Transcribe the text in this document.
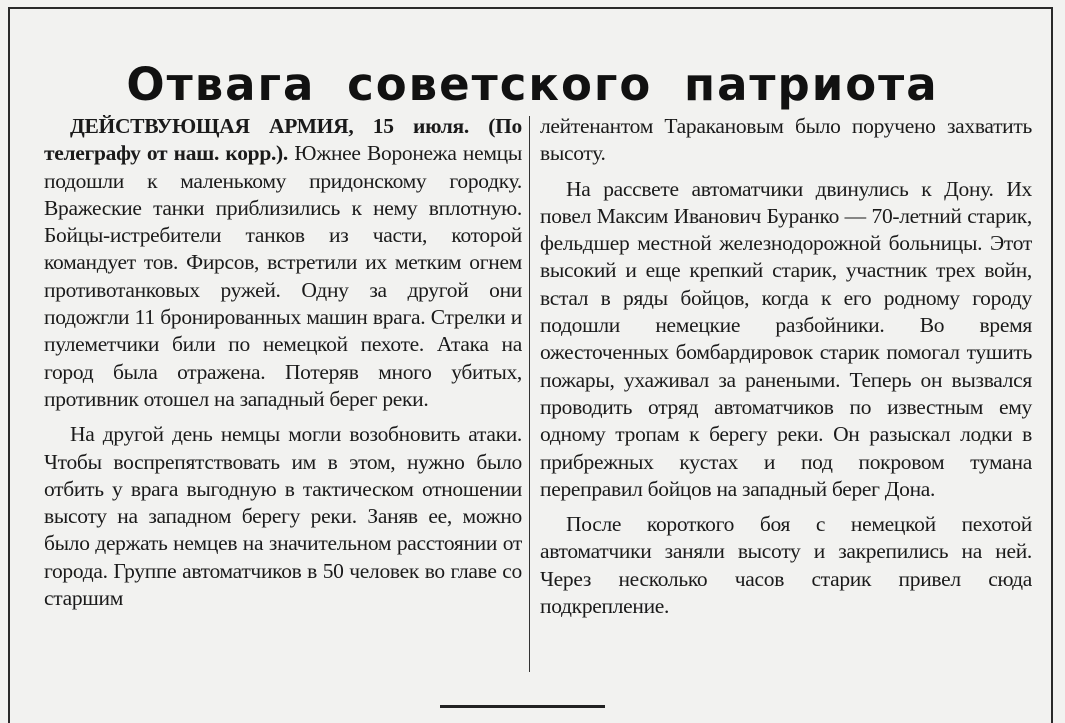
Отвага советского патриота

ДЕЙСТВУЮЩАЯ АРМИЯ, 15 июля. (По телеграфу от наш. корр.). Южнее Воронежа немцы подошли к маленькому придонскому городку. Вражеские танки приблизились к нему вплотную. Бойцы-истребители танков из части, которой командует тов. Фирсов, встретили их метким огнем противотанковых ружей. Одну за другой они подожгли 11 бронированных машин врага. Стрелки и пулеметчики били по немецкой пехоте. Атака на город была отражена. Потеряв много убитых, противник отошел на западный берег реки.

На другой день немцы могли возобновить атаки. Чтобы воспрепятствовать им в этом, нужно было отбить у врага выгодную в тактическом отношении высоту на западном берегу реки. Заняв ее, можно было держать немцев на значительном расстоянии от города. Группе автоматчиков в 50 человек во главе со старшим

лейтенантом Таракановым было поручено захватить высоту.

На рассвете автоматчики двинулись к Дону. Их повел Максим Иванович Буранко — 70-летний старик, фельдшер местной железнодорожной больницы. Этот высокий и еще крепкий старик, участник трех войн, встал в ряды бойцов, когда к его родному городу подошли немецкие разбойники. Во время ожесточенных бомбардировок старик помогал тушить пожары, ухаживал за ранеными. Теперь он вызвался проводить отряд автоматчиков по известным ему одному тропам к берегу реки. Он разыскал лодки в прибрежных кустах и под покровом тумана переправил бойцов на западный берег Дона.

После короткого боя с немецкой пехотой автоматчики заняли высоту и закрепились на ней. Через несколько часов старик привел сюда подкрепление.
